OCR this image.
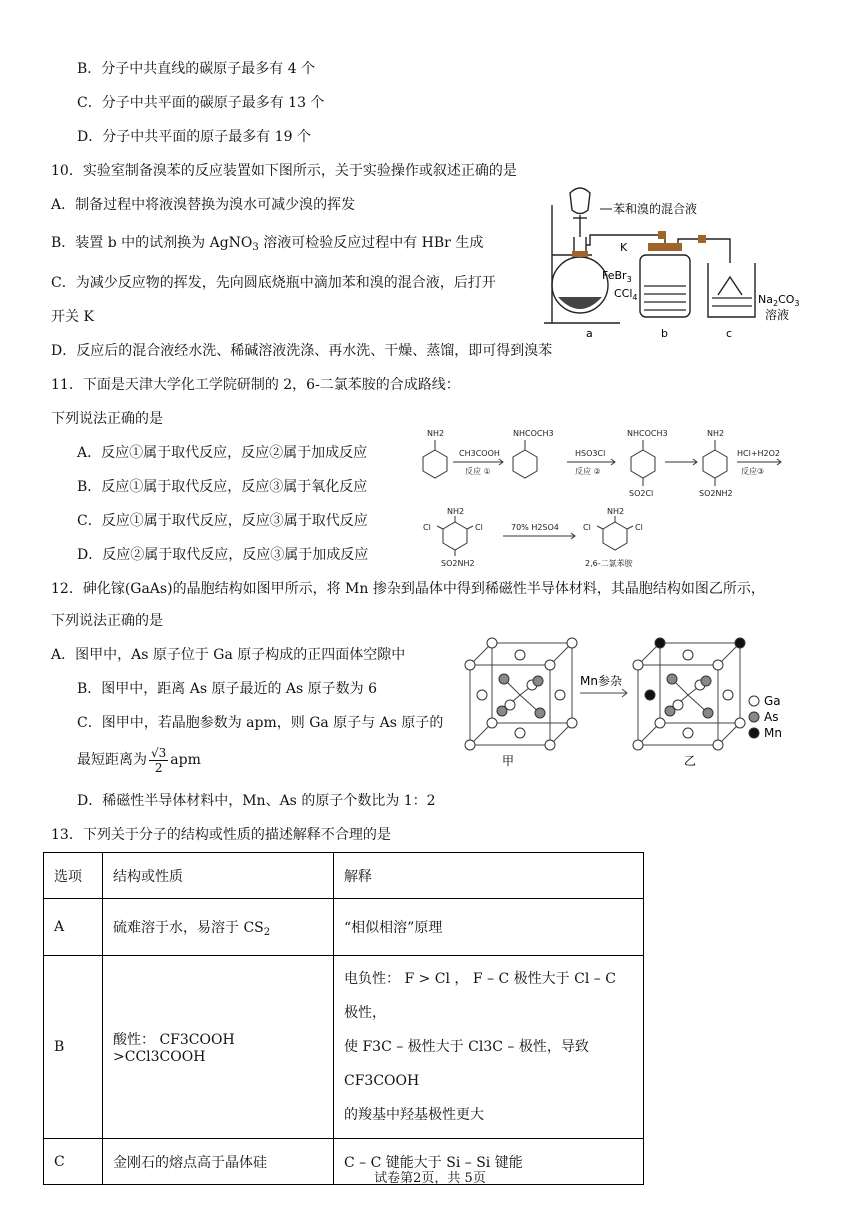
B．分子中共直线的碳原子最多有 4 个
C．分子中共平面的碳原子最多有 13 个
D．分子中共平面的原子最多有 19 个
10．实验室制备溴苯的反应装置如下图所示，关于实验操作或叙述正确的是
A．制备过程中将液溴替换为溴水可减少溴的挥发
B．装置 b 中的试剂换为 AgNO$_3$ 溶液可检验反应过程中有 HBr 生成
C．为减少反应物的挥发，先向圆底烧瓶中滴加苯和溴的混合液，后打开
开关 K
D．反应后的混合液经水洗、稀碱溶液洗涤、再水洗、干燥、蒸馏，即可得到溴苯
苯和溴的混合液
K
FeBr$_3$
CCl$_4$	$Na_2CO_3$
溶液
a	b	c
11．下面是天津大学化工学院研制的 2，6-二氯苯胺的合成路线：
下列说法正确的是
A．反应①属于取代反应，反应②属于加成反应
B．反应①属于取代反应，反应③属于氧化反应
C．反应①属于取代反应，反应③属于取代反应
D．反应②属于取代反应，反应③属于加成反应
NH2	NHCOCH3
CH3COOH
反应 ①
HSO3Cl
反应 ②
NHCOCH3
SO2Cl
NH2
SO2NH2
HCl+H2O2
反应③
NH2
Cl	Cl
SO2NH2
70% H2SO4
NH2
Cl	Cl
2,6-二氯苯胺
12．砷化镓(GaAs)的晶胞结构如图甲所示，将 Mn 掺杂到晶体中得到稀磁性半导体材料，其晶胞结构如图乙所示，
下列说法正确的是
A．图甲中，As 原子位于 Ga 原子构成的正四面体空隙中
B．图甲中，距离 As 原子最近的 As 原子数为 6
C．图甲中，若晶胞参数为 apm，则 Ga 原子与 As 原子的
最短距离为 $\frac{√3}{2}$ apm
D．稀磁性半导体材料中，Mn、As 的原子个数比为 1：2
Mn参杂
Ga
As
Mn
甲	乙
13．下列关于分子的结构或性质的描述解释不合理的是
选项	结构或性质	解释
A	硫难溶于水，易溶于 $CS_2$	“相似相溶”原理
B	酸性： CF3COOH >CCl3COOH	电负性： F > Cl ， F – C 极性大于 Cl – C 极性，
使 F3C – 极性大于 Cl3C – 极性，导致 CF3COOH
的羧基中羟基极性更大

C	金刚石的熔点高于晶体硅	C – C 键能大于 Si – Si 键能
试卷第2页，共 5页
